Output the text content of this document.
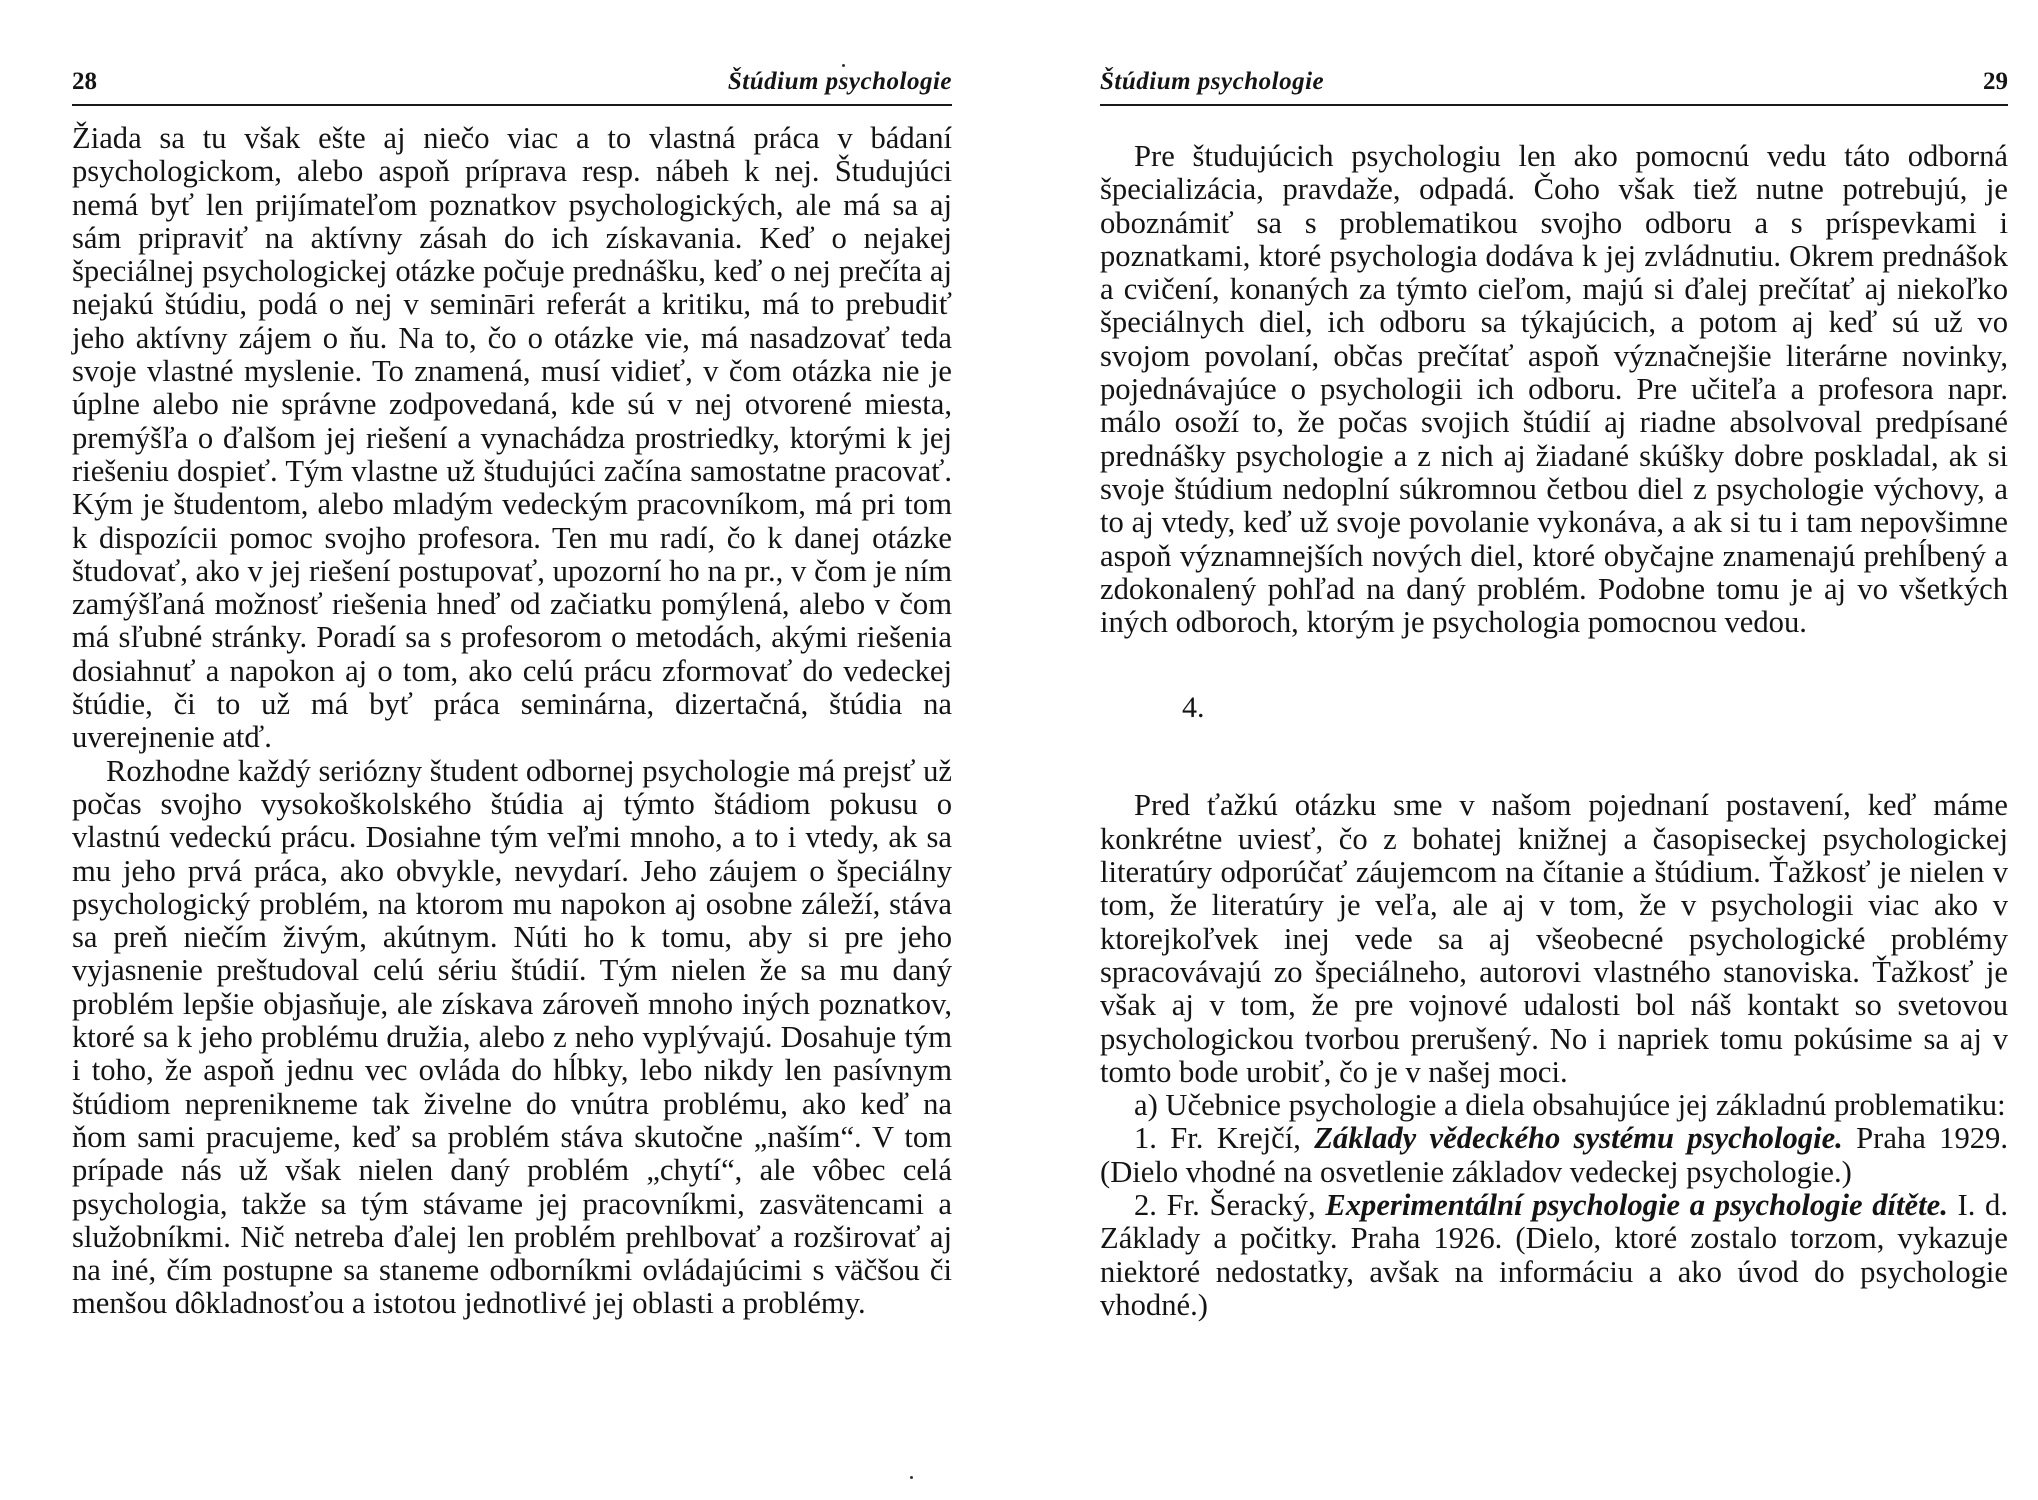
28	Štúdium psychologie

Žiada sa tu však ešte aj niečo viac a to vlastná práca v bádaní psychologickom, alebo aspoň príprava resp. nábeh k nej. Študujúci nemá byť len prijímateľom poznatkov psychologických, ale má sa aj sám pripraviť na aktívny zásah do ich získavania. Keď o nejakej špeciálnej psychologickej otázke počuje prednášku, keď o nej prečíta aj nejakú štúdiu, podá o nej v semināri referát a kritiku, má to prebudiť jeho aktívny zájem o ňu. Na to, čo o otázke vie, má nasadzovať teda svoje vlastné myslenie. To znamená, musí vidieť, v čom otázka nie je úplne alebo nie správne zodpovedaná, kde sú v nej otvorené miesta, premýšľa o ďalšom jej riešení a vynachádza prostriedky, ktorými k jej riešeniu dospieť. Tým vlastne už študujúci začína samostatne pracovať. Kým je študentom, alebo mladým vedeckým pracovníkom, má pri tom k dispozícii pomoc svojho profesora. Ten mu radí, čo k danej otázke študovať, ako v jej riešení postupovať, upozorní ho na pr., v čom je ním zamýšľaná možnosť riešenia hneď od začiatku pomýlená, alebo v čom má sľubné stránky. Poradí sa s profesorom o metodách, akými riešenia dosiahnuť a napokon aj o tom, ako celú prácu zformovať do vedeckej štúdie, či to už má byť práca seminárna, dizertačná, štúdia na uverejnenie atď.

Rozhodne každý seriózny študent odbornej psychologie má prejsť už počas svojho vysokoškolského štúdia aj týmto štádiom pokusu o vlastnú vedeckú prácu. Dosiahne tým veľmi mnoho, a to i vtedy, ak sa mu jeho prvá práca, ako obvykle, nevydarí. Jeho záujem o špeciálny psychologický problém, na ktorom mu napokon aj osobne záleží, stáva sa preň niečím živým, akútnym. Núti ho k tomu, aby si pre jeho vyjasnenie preštudoval celú sériu štúdií. Tým nielen že sa mu daný problém lepšie objasňuje, ale získava zároveň mnoho iných poznatkov, ktoré sa k jeho problému družia, alebo z neho vyplývajú. Dosahuje tým i toho, že aspoň jednu vec ovláda do hĺbky, lebo nikdy len pasívnym štúdiom neprenikneme tak živelne do vnútra problému, ako keď na ňom sami pracujeme, keď sa problém stáva skutočne „naším“. V tom prípade nás už však nielen daný problém „chytí“, ale vôbec celá psychologia, takže sa tým stávame jej pracovníkmi, zasvätencami a služobníkmi. Nič netreba ďalej len problém prehlbovať a rozširovať aj na iné, čím postupne sa staneme odborníkmi ovládajúcimi s väčšou či menšou dôkladnosťou a istotou jednotlivé jej oblasti a problémy.

Štúdium psychologie	29

Pre študujúcich psychologiu len ako pomocnú vedu táto odborná špecializácia, pravdaže, odpadá. Čoho však tiež nutne potrebujú, je oboznámiť sa s problematikou svojho odboru a s príspevkami i poznatkami, ktoré psychologia dodáva k jej zvládnutiu. Okrem prednášok a cvičení, konaných za týmto cieľom, majú si ďalej prečítať aj niekoľko špeciálnych diel, ich odboru sa týkajúcich, a potom aj keď sú už vo svojom povolaní, občas prečítať aspoň význačnejšie literárne novinky, pojednávajúce o psychologii ich odboru. Pre učiteľa a profesora napr. málo osoží to, že počas svojich štúdií aj riadne absolvoval predpísané prednášky psychologie a z nich aj žiadané skúšky dobre poskladal, ak si svoje štúdium nedoplní súkromnou četbou diel z psychologie výchovy, a to aj vtedy, keď už svoje povolanie vykonáva, a ak si tu i tam nepovšimne aspoň významnejších nových diel, ktoré obyčajne znamenajú prehĺbený a zdokonalený pohľad na daný problém. Podobne tomu je aj vo všetkých iných odboroch, ktorým je psychologia pomocnou vedou.

4.

Pred ťažkú otázku sme v našom pojednaní postavení, keď máme konkrétne uviesť, čo z bohatej knižnej a časopiseckej psychologickej literatúry odporúčať záujemcom na čítanie a štúdium. Ťažkosť je nielen v tom, že literatúry je veľa, ale aj v tom, že v psychologii viac ako v ktorejkoľvek inej vede sa aj všeobecné psychologické problémy spracovávajú zo špeciálneho, autorovi vlastného stanoviska. Ťažkosť je však aj v tom, že pre vojnové udalosti bol náš kontakt so svetovou psychologickou tvorbou prerušený. No i napriek tomu pokúsime sa aj v tomto bode urobiť, čo je v našej moci.

a) Učebnice psychologie a diela obsahujúce jej základnú problematiku:

1. Fr. Krejčí, Základy vědeckého systému psychologie. Praha 1929. (Dielo vhodné na osvetlenie základov vedeckej psychologie.)

2. Fr. Šeracký, Experimentální psychologie a psychologie dítěte. I. d. Základy a počitky. Praha 1926. (Dielo, ktoré zostalo torzom, vykazuje niektoré nedostatky, avšak na informáciu a ako úvod do psychologie vhodné.)
